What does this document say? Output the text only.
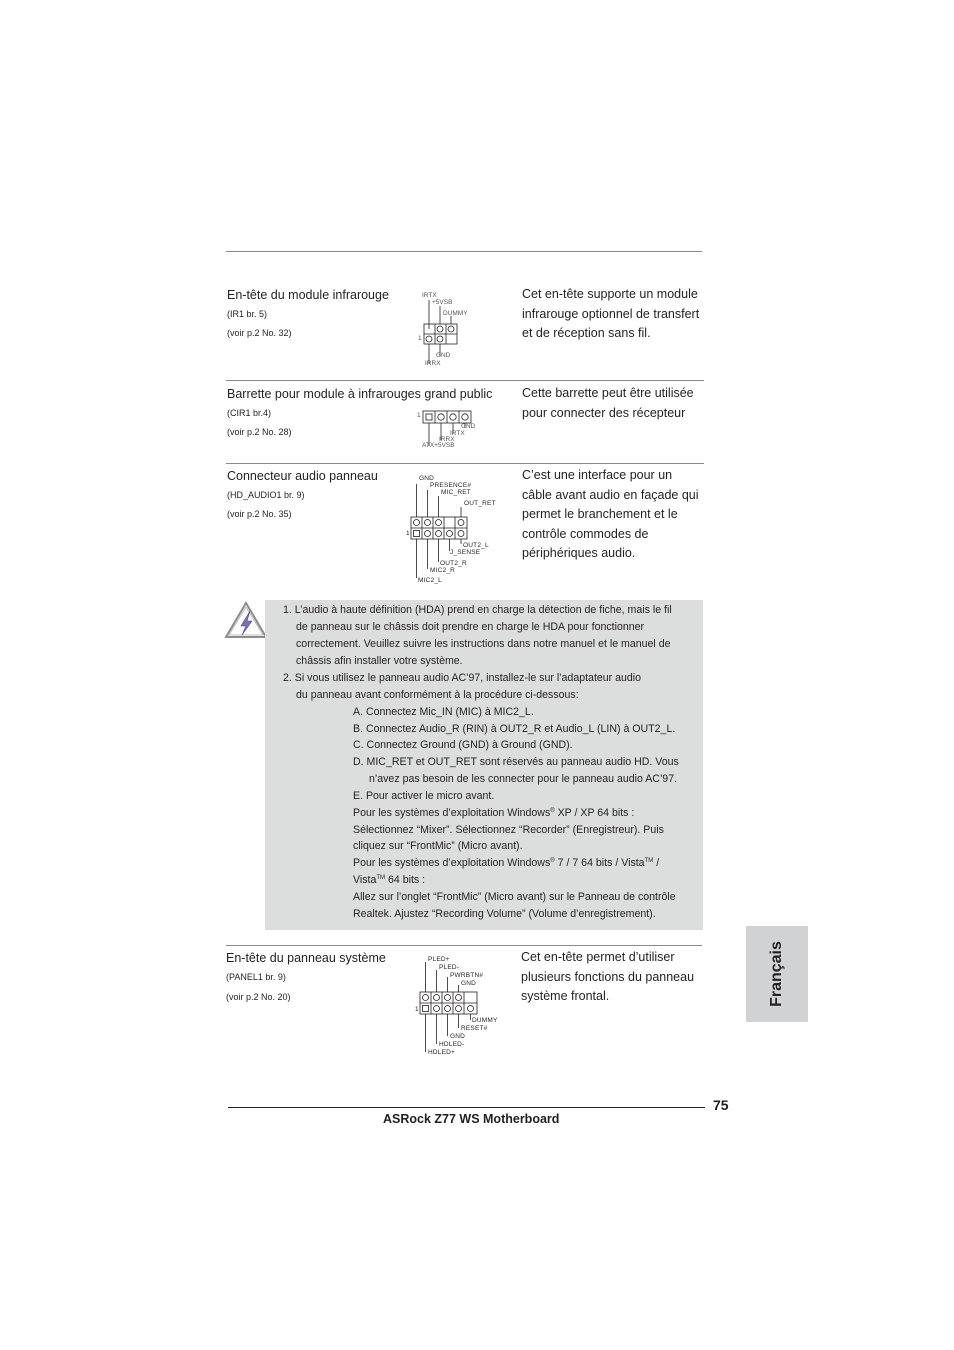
En-tête du module infrarouge
(IR1 br. 5)
(voir p.2 No. 32)
Cet en-tête supporte un module
infrarouge optionnel de transfert
et de réception sans fil.
IRTX
+5VSB
DUMMY
1
GND
IRRX
Barrette pour module à infrarouges grand public
(CIR1 br.4)
(voir p.2 No. 28)
Cette barrette peut être utilisée
pour connecter des récepteur
1
GND
IRTX
IRRX
ATX+5VSB
Connecteur audio panneau
(HD_AUDIO1 br. 9)
(voir p.2 No. 35)
C’est une interface pour un
câble avant audio en façade qui
permet le branchement et le
contrôle commodes de
périphériques audio.
GND
PRESENCE#
MIC_RET
OUT_RET
1
OUT2_L
J_SENSE
OUT2_R
MIC2_R
MIC2_L
1. L’audio à haute définition (HDA) prend en charge la détection de fiche, mais le fil
de panneau sur le châssis doit prendre en charge le HDA pour fonctionner
correctement. Veuillez suivre les instructions dans notre manuel et le manuel de
châssis afin installer votre système.
2. Si vous utilisez le panneau audio AC’97, installez-le sur l’adaptateur audio
du panneau avant conformément à la procédure ci-dessous:
A. Connectez Mic_IN (MIC) à MIC2_L.
B. Connectez Audio_R (RIN) à OUT2_R et Audio_L (LIN) à OUT2_L.
C. Connectez Ground (GND) à Ground (GND).
D. MIC_RET et OUT_RET sont réservés au panneau audio HD. Vous
n’avez pas besoin de les connecter pour le panneau audio AC’97.
E. Pour activer le micro avant.
Pour les systèmes d’exploitation Windows® XP / XP 64 bits :
Sélectionnez “Mixer”. Sélectionnez “Recorder” (Enregistreur). Puis
cliquez sur “FrontMic” (Micro avant).
Pour les systèmes d’exploitation Windows® 7 / 7 64 bits / Vista™ /
Vista™ 64 bits :
Allez sur l’onglet “FrontMic” (Micro avant) sur le Panneau de contrôle
Realtek. Ajustez “Recording Volume” (Volume d’enregistrement).
En-tête du panneau système
(PANEL1 br. 9)
(voir p.2 No. 20)
Cet en-tête permet d’utiliser
plusieurs fonctions du panneau
système frontal.
PLED+
PLED-
PWRBTN#
GND
1
DUMMY
RESET#
GND
HDLED-
HDLED+
Français
75
ASRock Z77 WS Motherboard
